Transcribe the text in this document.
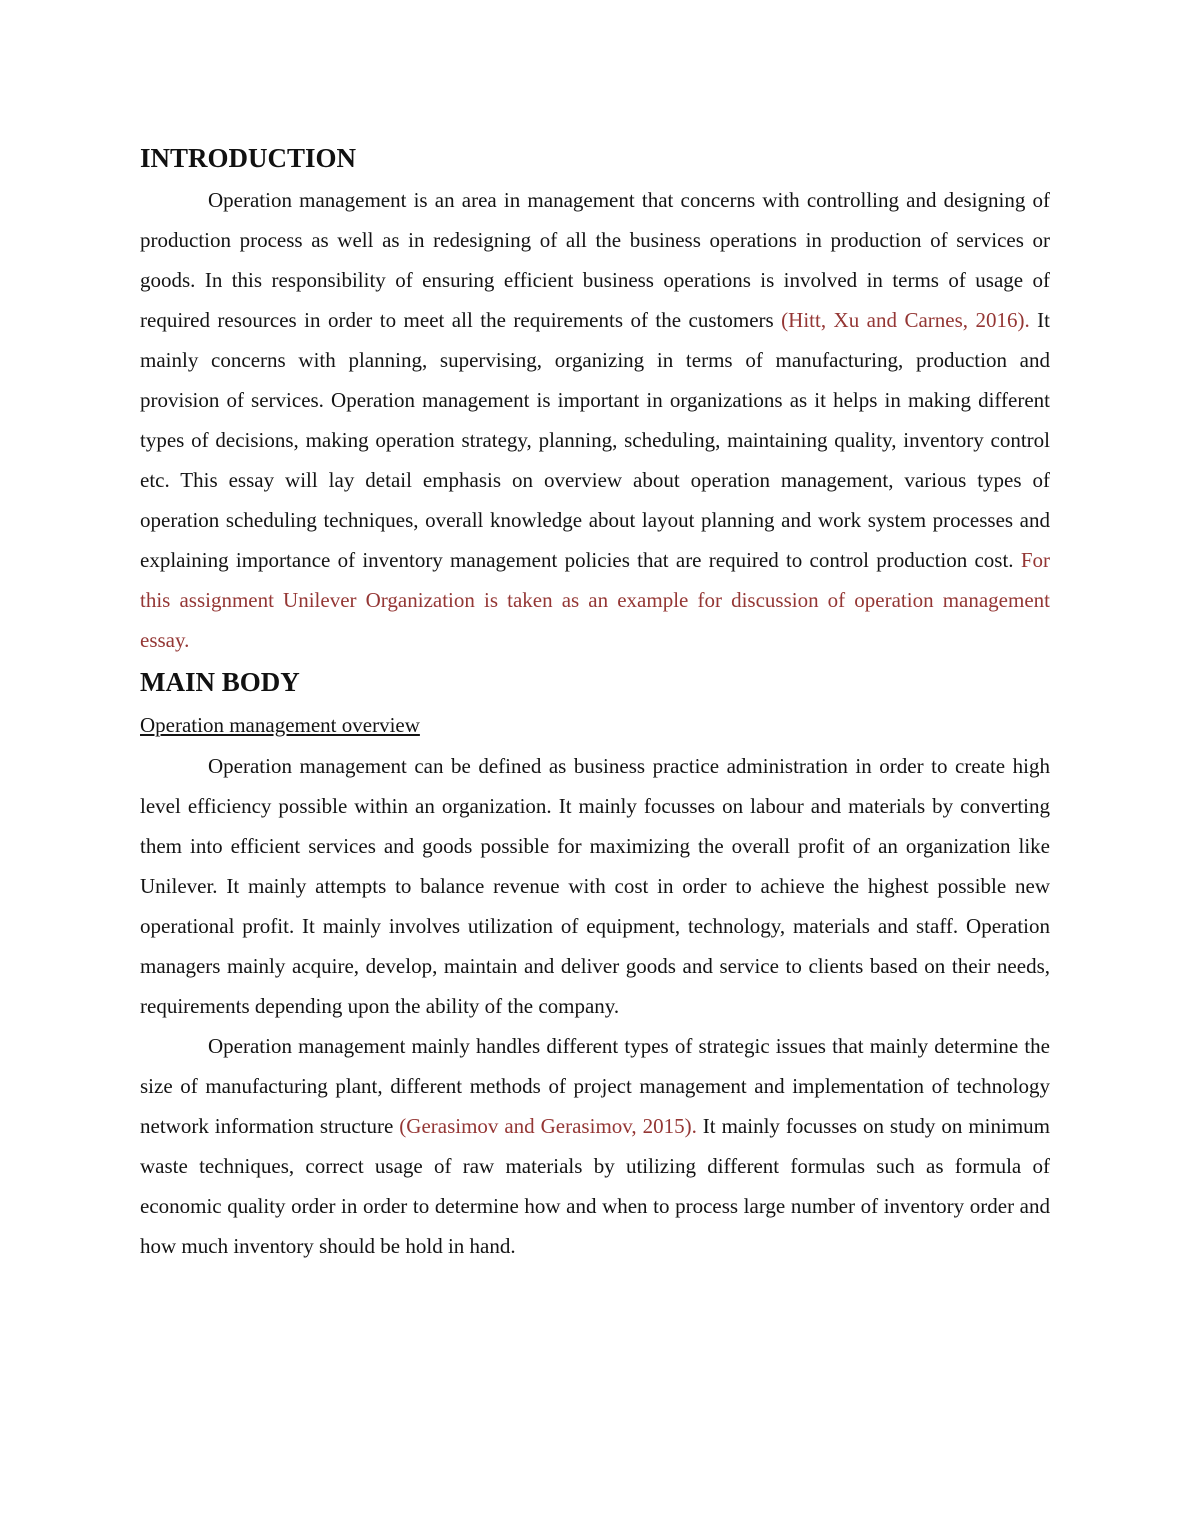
INTRODUCTION

Operation management is an area in management that concerns with controlling and designing of production process as well as in redesigning of all the business operations in production of services or goods. In this responsibility of ensuring efficient business operations is involved in terms of usage of required resources in order to meet all the requirements of the customers (Hitt, Xu and Carnes, 2016). It mainly concerns with planning, supervising, organizing in terms of manufacturing, production and provision of services. Operation management is important in organizations as it helps in making different types of decisions, making operation strategy, planning, scheduling, maintaining quality, inventory control etc. This essay will lay detail emphasis on overview about operation management, various types of operation scheduling techniques, overall knowledge about layout planning and work system processes and explaining importance of inventory management policies that are required to control production cost. For this assignment Unilever Organization is taken as an example for discussion of operation management essay.

MAIN BODY
Operation management overview

Operation management can be defined as business practice administration in order to create high level efficiency possible within an organization. It mainly focusses on labour and materials by converting them into efficient services and goods possible for maximizing the overall profit of an organization like Unilever. It mainly attempts to balance revenue with cost in order to achieve the highest possible new operational profit. It mainly involves utilization of equipment, technology, materials and staff. Operation managers mainly acquire, develop, maintain and deliver goods and service to clients based on their needs, requirements depending upon the ability of the company.

Operation management mainly handles different types of strategic issues that mainly determine the size of manufacturing plant, different methods of project management and implementation of technology network information structure (Gerasimov and Gerasimov, 2015). It mainly focusses on study on minimum waste techniques, correct usage of raw materials by utilizing different formulas such as formula of economic quality order in order to determine how and when to process large number of inventory order and how much inventory should be hold in hand.
